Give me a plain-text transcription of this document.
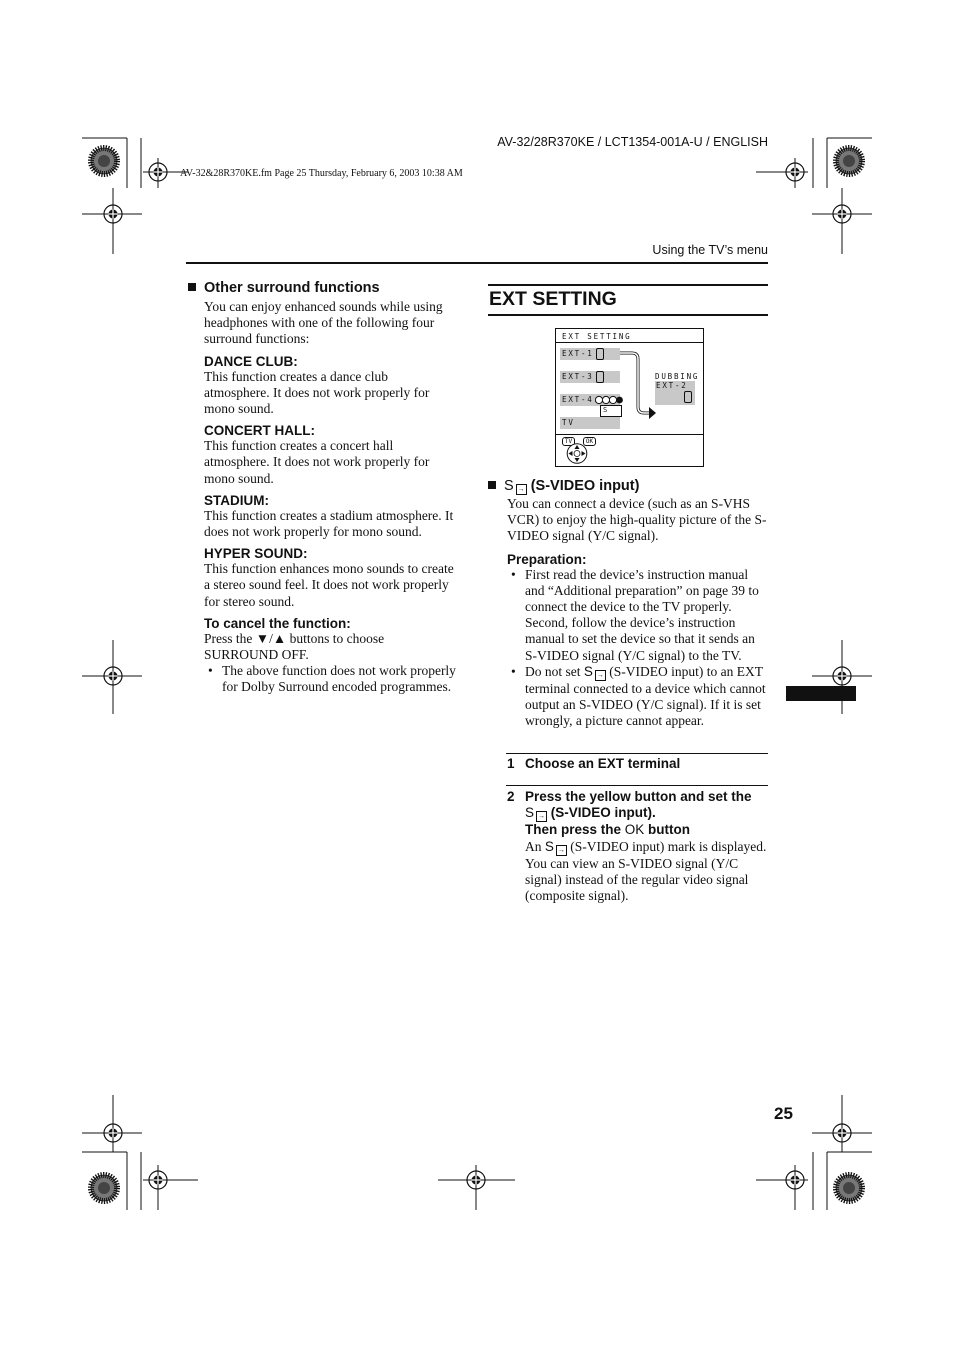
AV-32/28R370KE / LCT1354-001A-U / ENGLISH
AV-32&28R370KE.fm Page 25 Thursday, February 6, 2003 10:38 AM
Using the TV’s menu
Other surround functions
You can enjoy enhanced sounds while using headphones with one of the following four surround functions:
DANCE CLUB:
This function creates a dance club atmosphere. It does not work properly for mono sound.
CONCERT HALL:
This function creates a concert hall atmosphere. It does not work properly for mono sound.
STADIUM:
This function creates a stadium atmosphere. It does not work properly for mono sound.
HYPER SOUND:
This function enhances mono sounds to create a stereo sound feel. It does not work properly for stereo sound.
To cancel the function:
Press the ▼/▲ buttons to choose SURROUND OFF.
• The above function does not work properly for Dolby Surround encoded programmes.
EXT SETTING
EXT SETTING
EXT-1
EXT-3
EXT-4
S
TV
DUBBING
EXT-2
TV	OK
S → (S-VIDEO input)
You can connect a device (such as an S-VHS VCR) to enjoy the high-quality picture of the S-VIDEO signal (Y/C signal).
Preparation:
• First read the device’s instruction manual and “Additional preparation” on page 39 to connect the device to the TV properly. Second, follow the device’s instruction manual to set the device so that it sends an S-VIDEO signal (Y/C signal) to the TV.
• Do not set S → (S-VIDEO input) to an EXT terminal connected to a device which cannot output an S-VIDEO (Y/C signal). If it is set wrongly, a picture cannot appear.
1 Choose an EXT terminal
2 Press the yellow button and set the
S → (S-VIDEO input).
Then press the OK button
An S → (S-VIDEO input) mark is displayed. You can view an S-VIDEO signal (Y/C signal) instead of the regular video signal (composite signal).
25
